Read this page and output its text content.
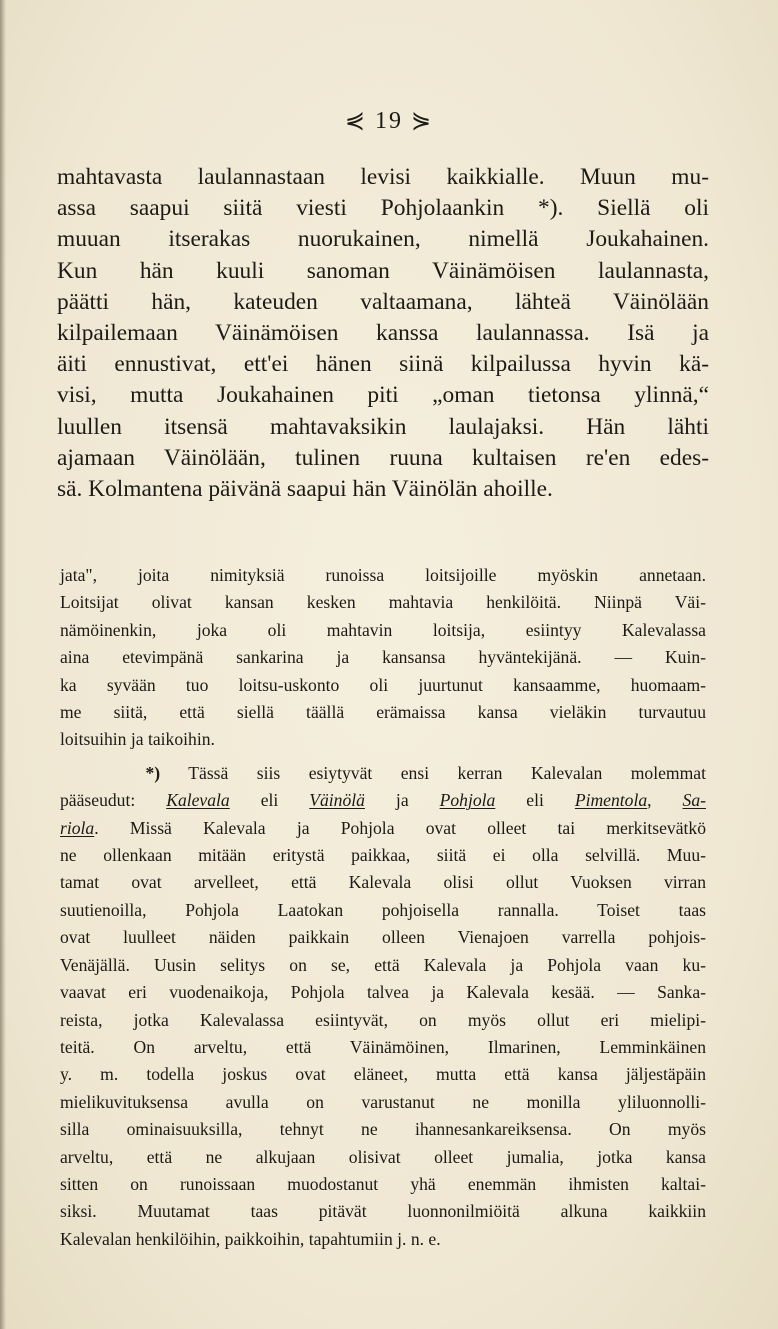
⋞ 19 ⋟
mahtavasta laulannastaan levisi kaikkialle. Muun mu-
assa saapui siitä viesti Pohjolaankin *). Siellä oli
muuan itserakas nuorukainen, nimellä Joukahainen.
Kun hän kuuli sanoman Väinämöisen laulannasta,
päätti hän, kateuden valtaamana, lähteä Väinölään
kilpailemaan Väinämöisen kanssa laulannassa. Isä ja
äiti ennustivat, ett'ei hänen siinä kilpailussa hyvin kä-
visi, mutta Joukahainen piti „oman tietonsa ylinnä,“
luullen itsensä mahtavaksikin laulajaksi. Hän lähti
ajamaan Väinölään, tulinen ruuna kultaisen re'en edes-
sä. Kolmantena päivänä saapui hän Väinölän ahoille.
jata", joita nimityksiä runoissa loitsijoille myöskin annetaan.
Loitsijat olivat kansan kesken mahtavia henkilöitä. Niinpä Väi-
nämöinenkin, joka oli mahtavin loitsija, esiintyy Kalevalassa
aina etevimpänä sankarina ja kansansa hyväntekijänä. — Kuin-
ka syvään tuo loitsu-uskonto oli juurtunut kansaamme, huomaam-
me siitä, että siellä täällä erämaissa kansa vieläkin turvautuu
loitsuihin ja taikoihin.
*) Tässä siis esiytyvät ensi kerran Kalevalan molemmat
pääseudut: Kalevala eli Väinölä ja Pohjola eli Pimentola, Sa-
riola. Missä Kalevala ja Pohjola ovat olleet tai merkitsevätkö
ne ollenkaan mitään eritystä paikkaa, siitä ei olla selvillä. Muu-
tamat ovat arvelleet, että Kalevala olisi ollut Vuoksen virran
suutienoilla, Pohjola Laatokan pohjoisella rannalla. Toiset taas
ovat luulleet näiden paikkain olleen Vienajoen varrella pohjois-
Venäjällä. Uusin selitys on se, että Kalevala ja Pohjola vaan ku-
vaavat eri vuodenaikoja, Pohjola talvea ja Kalevala kesää. — Sanka-
reista, jotka Kalevalassa esiintyvät, on myös ollut eri mielipi-
teitä. On arveltu, että Väinämöinen, Ilmarinen, Lemminkäinen
y. m. todella joskus ovat eläneet, mutta että kansa jäljestäpäin
mielikuvituksensa avulla on varustanut ne monilla yliluonnolli-
silla ominaisuuksilla, tehnyt ne ihannesankareiksensa. On myös
arveltu, että ne alkujaan olisivat olleet jumalia, jotka kansa
sitten on runoissaan muodostanut yhä enemmän ihmisten kaltai-
siksi. Muutamat taas pitävät luonnonilmiöitä alkuna kaikkiin
Kalevalan henkilöihin, paikkoihin, tapahtumiin j. n. e.
